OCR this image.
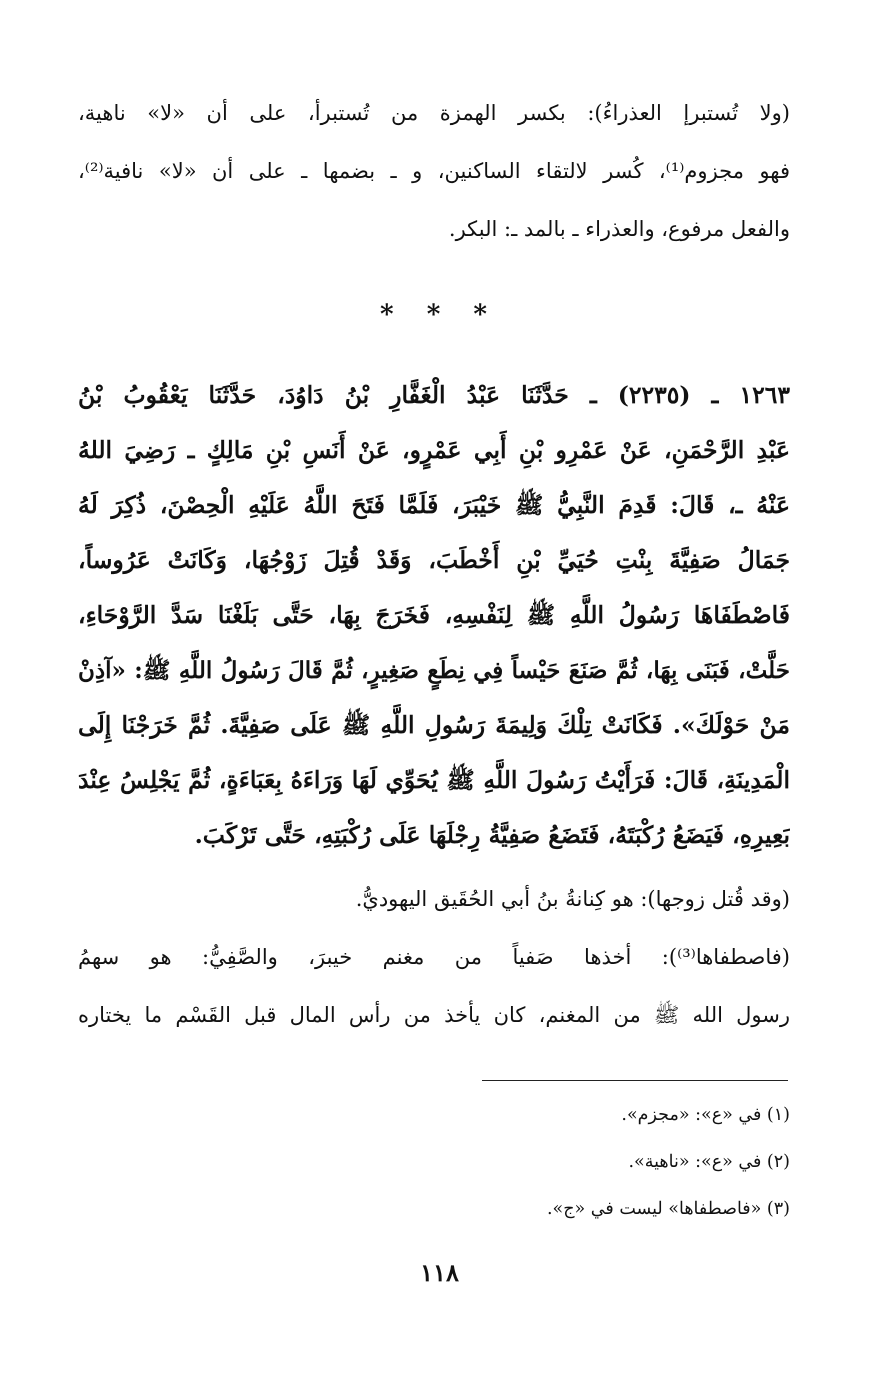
(ولا تُستبرإ العذراءُ): بكسر الهمزة من تُستبرأ، على أن «لا» ناهية،
فهو مجزوم⁽¹⁾، كُسر لالتقاء الساكنين، و ـ بضمها ـ على أن «لا» نافية⁽²⁾،
والفعل مرفوع، والعذراء ـ بالمد ـ: البكر.
* * *
١٢٦٣ ـ (٢٢٣٥) ـ حَدَّثَنَا عَبْدُ الْغَفَّارِ بْنُ دَاوُدَ، حَدَّثَنَا يَعْقُوبُ بْنُ
عَبْدِ الرَّحْمَنِ، عَنْ عَمْرِو بْنِ أَبِي عَمْرٍو، عَنْ أَنَسِ بْنِ مَالِكٍ ـ رَضِيَ اللهُ
عَنْهُ ـ، قَالَ: قَدِمَ النَّبِيُّ ﷺ خَيْبَرَ، فَلَمَّا فَتَحَ اللَّهُ عَلَيْهِ الْحِصْنَ، ذُكِرَ لَهُ
جَمَالُ صَفِيَّةَ بِنْتِ حُيَيِّ بْنِ أَخْطَبَ، وَقَدْ قُتِلَ زَوْجُهَا، وَكَانَتْ عَرُوساً،
فَاصْطَفَاهَا رَسُولُ اللَّهِ ﷺ لِنَفْسِهِ، فَخَرَجَ بِهَا، حَتَّى بَلَغْنَا سَدَّ الرَّوْحَاءِ،
حَلَّتْ، فَبَنَى بِهَا، ثُمَّ صَنَعَ حَيْساً فِي نِطَعٍ صَغِيرٍ، ثُمَّ قَالَ رَسُولُ اللَّهِ ﷺ: «آذِنْ
مَنْ حَوْلَكَ». فَكَانَتْ تِلْكَ وَلِيمَةَ رَسُولِ اللَّهِ ﷺ عَلَى صَفِيَّةَ. ثُمَّ خَرَجْنَا إِلَى
الْمَدِينَةِ، قَالَ: فَرَأَيْتُ رَسُولَ اللَّهِ ﷺ يُحَوِّي لَهَا وَرَاءَهُ بِعَبَاءَةٍ، ثُمَّ يَجْلِسُ عِنْدَ
بَعِيرِهِ، فَيَضَعُ رُكْبَتَهُ، فَتَضَعُ صَفِيَّةُ رِجْلَهَا عَلَى رُكْبَتِهِ، حَتَّى تَرْكَبَ.
(وقد قُتل زوجها): هو كِنانةُ بنُ أبي الحُقَيق اليهوديُّ.
(فاصطفاها⁽³⁾): أخذها صَفياً من مغنم خيبرَ، والصَّفِيُّ: هو سهمُ
رسول الله ﷺ من المغنم، كان يأخذ من رأس المال قبل القَسْم ما يختاره
(١) في «ع»: «مجزم».
(٢) في «ع»: «ناهية».
(٣) «فاصطفاها» ليست في «ج».
١١٨
